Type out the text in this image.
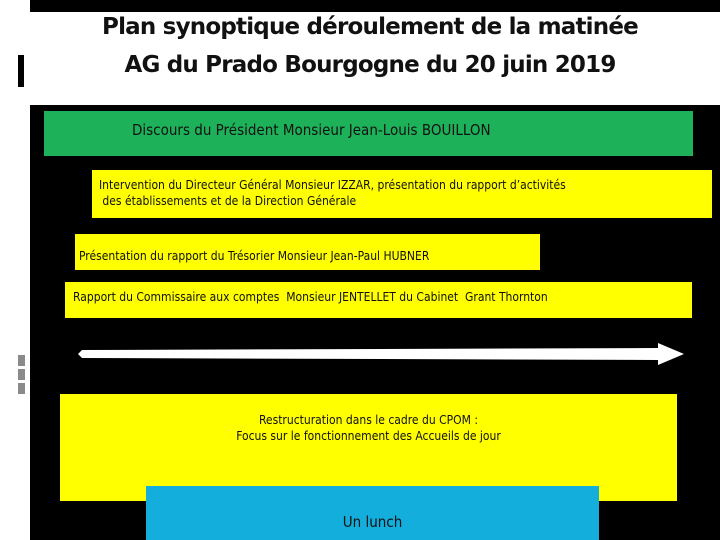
Plan synoptique déroulement de la matinée
AG du Prado Bourgogne du 20 juin 2019
Discours du Président Monsieur Jean-Louis BOUILLON
Intervention du Directeur Général Monsieur IZZAR, présentation du rapport d’activités
des établissements et de la Direction Générale
Présentation du rapport du Trésorier Monsieur Jean-Paul HUBNER
Rapport du Commissaire aux comptes  Monsieur JENTELLET du Cabinet  Grant Thornton
Restructuration dans le cadre du CPOM :
Focus sur le fonctionnement des Accueils de jour
Un lunch
